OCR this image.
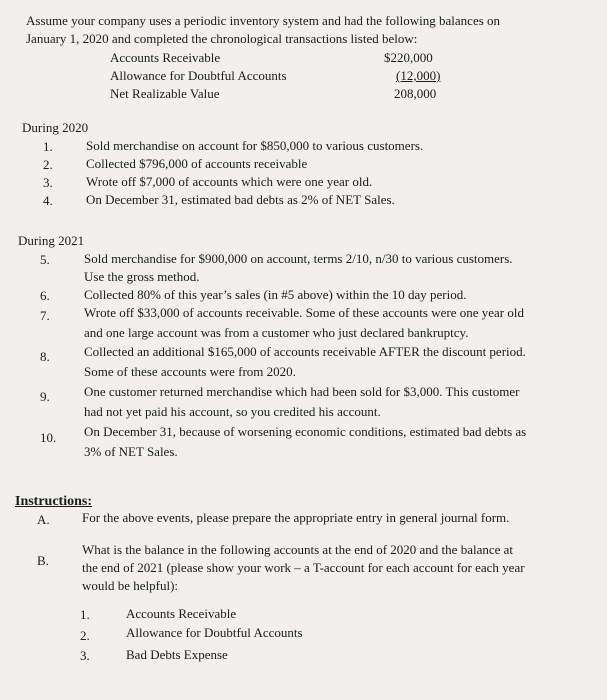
Assume your company uses a periodic inventory system and had the following balances on
January 1, 2020 and completed the chronological transactions listed below:
Accounts Receivable	$220,000
Allowance for Doubtful Accounts	(12,000)
Net Realizable Value	208,000
During 2020
1.	Sold merchandise on account for $850,000 to various customers.
2.	Collected $796,000 of accounts receivable
3.	Wrote off $7,000 of accounts which were one year old.
4.	On December 31, estimated bad debts as 2% of NET Sales.
During 2021
5.	Sold merchandise for $900,000 on account, terms 2/10, n/30 to various customers.
Use the gross method.
6.	Collected 80% of this year’s sales (in #5 above) within the 10 day period.
7.	Wrote off $33,000 of accounts receivable. Some of these accounts were one year old
and one large account was from a customer who just declared bankruptcy.
8.	Collected an additional $165,000 of accounts receivable AFTER the discount period.
Some of these accounts were from 2020.
9.	One customer returned merchandise which had been sold for $3,000. This customer
had not yet paid his account, so you credited his account.
10. On December 31, because of worsening economic conditions, estimated bad debts as
3% of NET Sales.
Instructions:
A. For the above events, please prepare the appropriate entry in general journal form.
B.
What is the balance in the following accounts at the end of 2020 and the balance at
the end of 2021 (please show your work – a T-account for each account for each year
would be helpful):
1.	Accounts Receivable
2.	Allowance for Doubtful Accounts
3.	Bad Debts Expense
